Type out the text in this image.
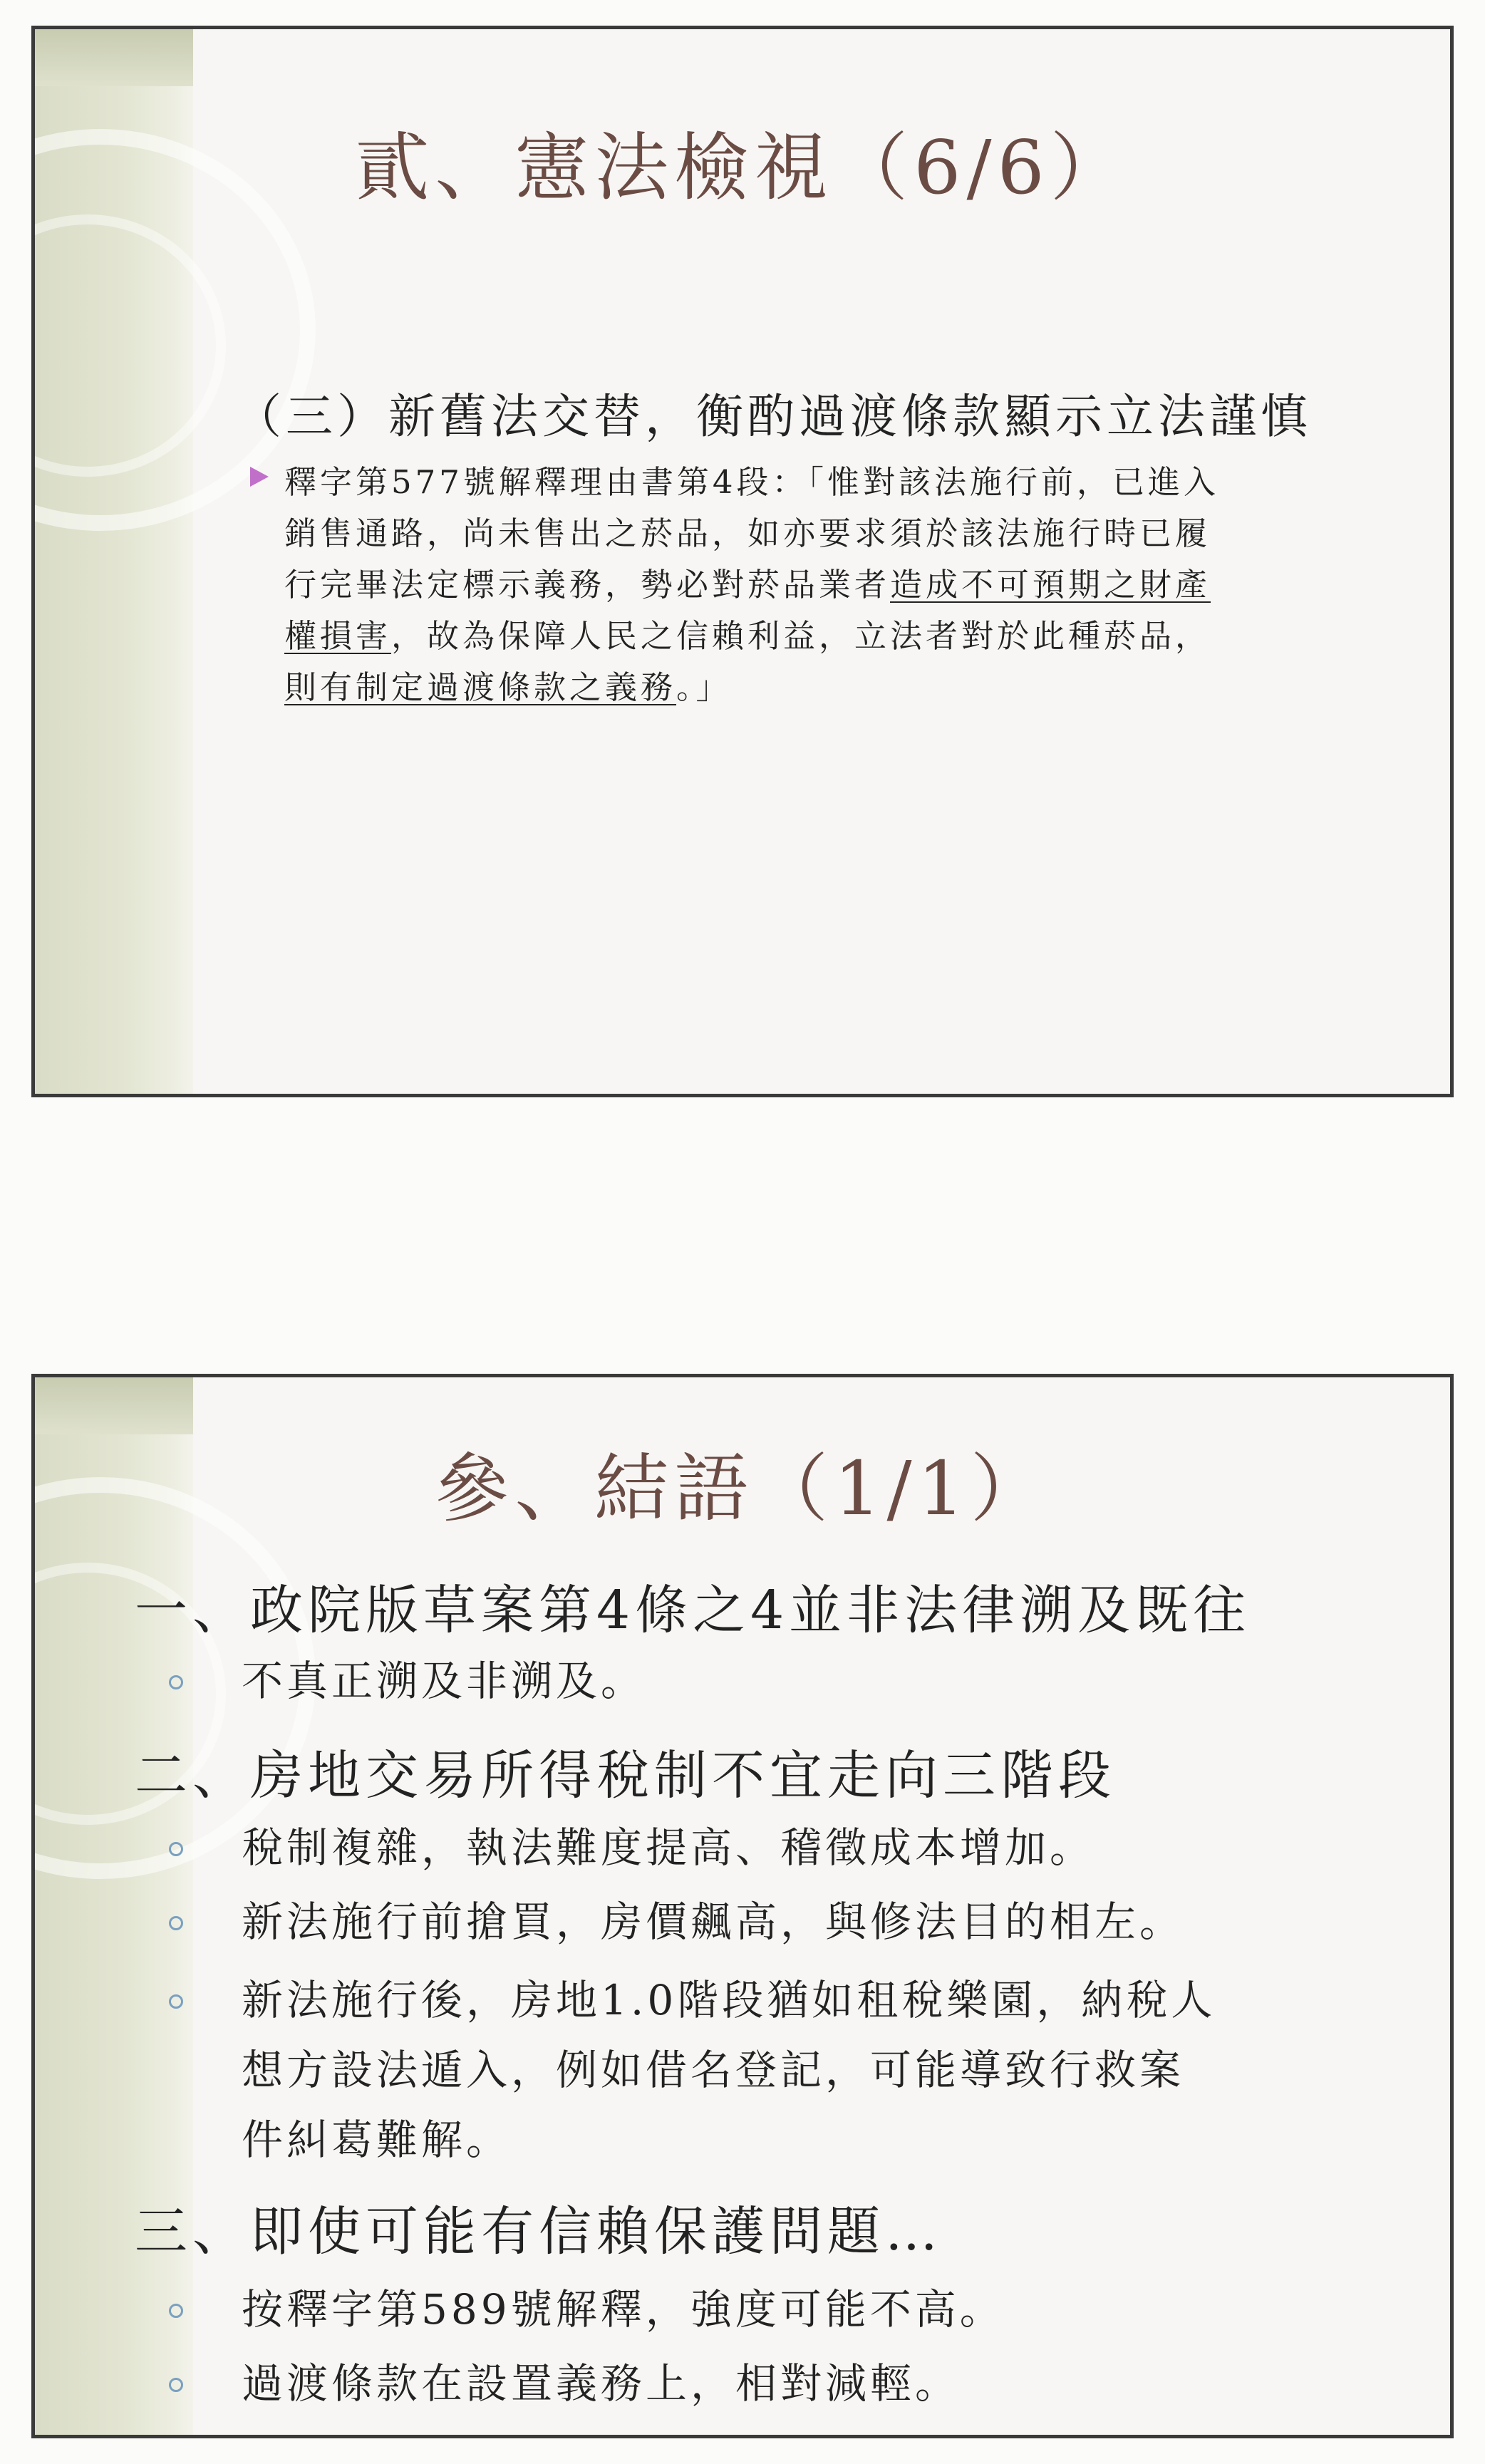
貳、憲法檢視（6/6）
（三）新舊法交替，衡酌過渡條款顯示立法謹慎
釋字第577號解釋理由書第4段：「惟對該法施行前，已進入
銷售通路，尚未售出之菸品，如亦要求須於該法施行時已履
行完畢法定標示義務，勢必對菸品業者造成不可預期之財產
權損害，故為保障人民之信賴利益，立法者對於此種菸品，
則有制定過渡條款之義務。」
參、結語（1/1）
一、政院版草案第4條之4並非法律溯及既往
不真正溯及非溯及。
二、房地交易所得稅制不宜走向三階段
稅制複雜，執法難度提高、稽徵成本增加。
新法施行前搶買，房價飆高，與修法目的相左。
新法施行後，房地1.0階段猶如租稅樂園，納稅人
想方設法遁入，例如借名登記，可能導致行救案
件糾葛難解。
三、即使可能有信賴保護問題…
按釋字第589號解釋，強度可能不高。
過渡條款在設置義務上，相對減輕。
